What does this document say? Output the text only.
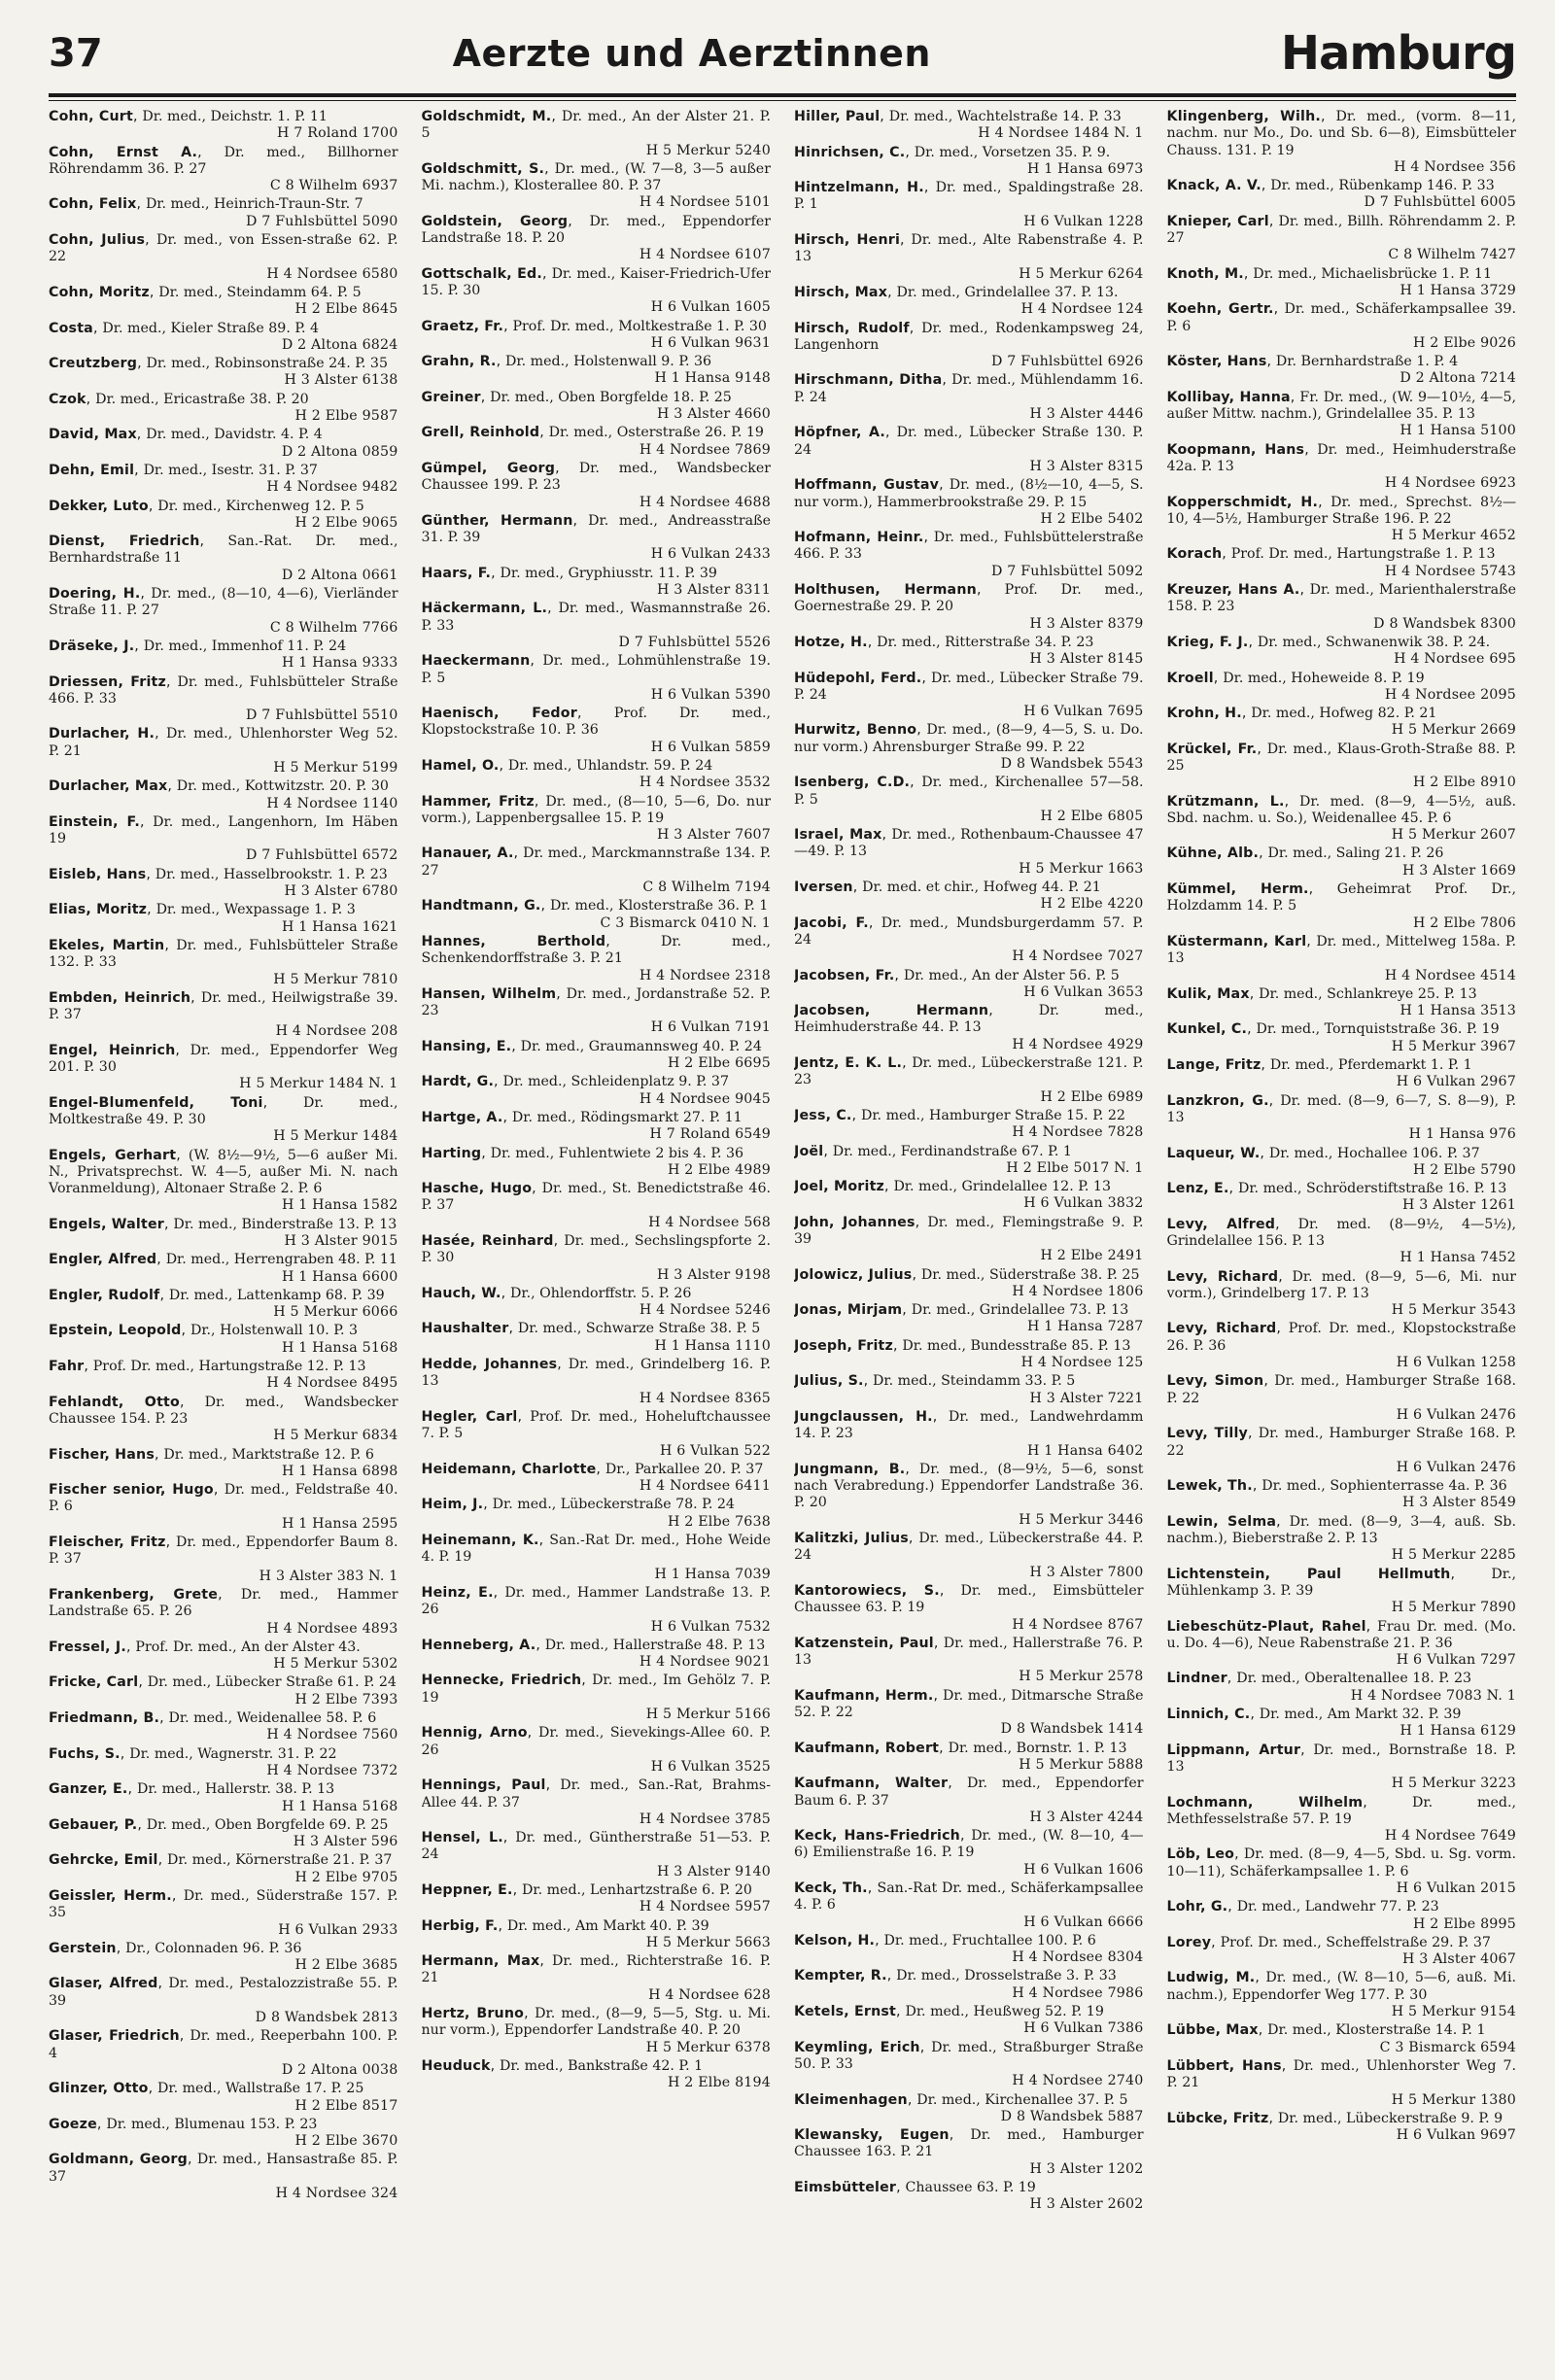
37	Aerzte und Aerztinnen	Hamburg
Cohn, Curt , Dr. med., Deichstr. 1. P. 11
H 7 Roland 1700
Cohn, Ernst A. , Dr. med., Billhorner Röhrendamm 36. P. 27
C 8 Wilhelm 6937
Cohn, Felix , Dr. med., Heinrich-Traun-Str. 7
D 7 Fuhlsbüttel 5090
Cohn, Julius , Dr. med., von Essen-straße 62. P. 22
H 4 Nordsee 6580
Cohn, Moritz , Dr. med., Steindamm 64. P. 5
H 2 Elbe 8645
Costa , Dr. med., Kieler Straße 89. P. 4
D 2 Altona 6824
Creutzberg , Dr. med., Robinsonstraße 24. P. 35
H 3 Alster 6138
Czok , Dr. med., Ericastraße 38. P. 20
H 2 Elbe 9587
David, Max , Dr. med., Davidstr. 4. P. 4
D 2 Altona 0859
Dehn, Emil , Dr. med., Isestr. 31. P. 37
H 4 Nordsee 9482
Dekker, Luto , Dr. med., Kirchenweg 12. P. 5
H 2 Elbe 9065
Dienst, Friedrich , San.-Rat. Dr. med., Bernhardstraße 11
D 2 Altona 0661
Doering, H. , Dr. med., (8—10, 4—6), Vierländer Straße 11. P. 27
C 8 Wilhelm 7766
Dräseke, J. , Dr. med., Immenhof 11. P. 24
H 1 Hansa 9333
Driessen, Fritz , Dr. med., Fuhlsbütteler Straße 466. P. 33
D 7 Fuhlsbüttel 5510
Durlacher, H. , Dr. med., Uhlenhorster Weg 52. P. 21
H 5 Merkur 5199
Durlacher, Max , Dr. med., Kottwitzstr. 20. P. 30
H 4 Nordsee 1140
Einstein, F. , Dr. med., Langenhorn, Im Häben 19
D 7 Fuhlsbüttel 6572
Eisleb, Hans , Dr. med., Hasselbrookstr. 1. P. 23
H 3 Alster 6780
Elias, Moritz , Dr. med., Wexpassage 1. P. 3
H 1 Hansa 1621
Ekeles, Martin , Dr. med., Fuhlsbütteler Straße 132. P. 33
H 5 Merkur 7810
Embden, Heinrich , Dr. med., Heilwigstraße 39. P. 37
H 4 Nordsee 208
Engel, Heinrich , Dr. med., Eppendorfer Weg 201. P. 30
H 5 Merkur 1484 N. 1
Engel-Blumenfeld, Toni ,	Dr. med., Moltkestraße 49. P. 30
H 5 Merkur 1484
Engels, Gerhart , (W. 8½—9½, 5—6 außer Mi. N., Privatsprechst. W. 4—5, außer Mi. N. nach Voranmeldung), Altonaer Straße 2. P. 6
H 1 Hansa 1582
Engels, Walter , Dr. med., Binderstraße 13. P. 13
H 3 Alster 9015
Engler, Alfred , Dr. med., Herrengraben 48. P. 11
H 1 Hansa 6600
Engler, Rudolf , Dr. med., Lattenkamp 68. P. 39
H 5 Merkur 6066
Epstein, Leopold , Dr., Holstenwall 10. P. 3
H 1 Hansa 5168
Fahr , Prof. Dr. med., Hartungstraße 12. P. 13
H 4 Nordsee 8495
Fehlandt, Otto , Dr. med., Wandsbecker Chaussee 154. P. 23
H 5 Merkur 6834
Fischer, Hans , Dr. med., Marktstraße 12. P. 6
H 1 Hansa 6898
Fischer senior, Hugo , Dr. med., Feldstraße 40. P. 6
H 1 Hansa 2595
Fleischer, Fritz , Dr. med., Eppendorfer Baum 8. P. 37
H 3 Alster 383 N. 1
Frankenberg, Grete , Dr. med., Hammer Landstraße 65. P. 26
H 4 Nordsee 4893
Fressel, J. , Prof. Dr. med., An der Alster 43.
H 5 Merkur 5302
Fricke, Carl , Dr. med., Lübecker Straße 61. P. 24
H 2 Elbe 7393
Friedmann, B. , Dr. med., Weidenallee 58. P. 6
H 4 Nordsee 7560
Fuchs, S. , Dr. med., Wagnerstr. 31. P. 22
H 4 Nordsee 7372
Ganzer, E. , Dr. med., Hallerstr. 38. P. 13
H 1 Hansa 5168
Gebauer, P. , Dr. med., Oben Borgfelde 69. P. 25
H 3 Alster 596
Gehrcke, Emil , Dr. med., Körnerstraße 21. P. 37
H 2 Elbe 9705
Geissler, Herm. , Dr. med., Süderstraße 157. P. 35
H 6 Vulkan 2933
Gerstein , Dr., Colonnaden 96. P. 36
H 2 Elbe 3685
Glaser, Alfred , Dr. med., Pestalozzistraße 55. P. 39
D 8 Wandsbek 2813
Glaser, Friedrich , Dr. med., Reeperbahn 100. P. 4
D 2 Altona 0038
Glinzer, Otto , Dr. med., Wallstraße 17. P. 25
H 2 Elbe 8517
Goeze , Dr. med., Blumenau 153. P. 23
H 2 Elbe 3670
Goldmann, Georg , Dr. med., Hansastraße 85. P. 37
H 4 Nordsee 324
Goldschmidt, M. , Dr. med., An der Alster 21. P. 5
H 5 Merkur 5240
Goldschmitt, S. , Dr. med., (W. 7—8, 3—5 außer Mi. nachm.), Klosterallee 80. P. 37
H 4 Nordsee 5101
Goldstein, Georg , Dr. med., Eppendorfer Landstraße 18. P. 20
H 4 Nordsee 6107
Gottschalk, Ed. , Dr. med., Kaiser-Friedrich-Ufer 15. P. 30
H 6 Vulkan 1605
Graetz, Fr. , Prof. Dr. med., Moltkestraße 1. P. 30
H 6 Vulkan 9631
Grahn, R. , Dr. med., Holstenwall 9. P. 36
H 1 Hansa 9148
Greiner , Dr. med., Oben Borgfelde 18. P. 25
H 3 Alster 4660
Grell, Reinhold , Dr. med., Osterstraße 26. P. 19
H 4 Nordsee 7869
Gümpel, Georg , Dr. med., Wandsbecker Chaussee 199. P. 23
H 4 Nordsee 4688
Günther, Hermann , Dr. med., Andreasstraße 31. P. 39
H 6 Vulkan 2433
Haars, F. , Dr. med., Gryphiusstr. 11. P. 39
H 3 Alster 8311
Häckermann, L. , Dr. med., Wasmannstraße 26. P. 33
D 7 Fuhlsbüttel 5526
Haeckermann , Dr. med., Lohmühlenstraße 19. P. 5
H 6 Vulkan 5390
Haenisch, Fedor ,	Prof. Dr. med., Klopstockstraße 10. P. 36
H 6 Vulkan 5859
Hamel, O. , Dr. med., Uhlandstr. 59. P. 24
H 4 Nordsee 3532
Hammer, Fritz , Dr. med., (8—10, 5—6, Do. nur vorm.), Lappenbergsallee 15. P. 19
H 3 Alster 7607
Hanauer, A. , Dr. med., Marckmannstraße 134. P. 27
C 8 Wilhelm 7194
Handtmann, G. , Dr. med., Klosterstraße 36. P. 1
C 3 Bismarck 0410 N. 1
Hannes, Berthold ,	Dr. med., Schenkendorffstraße 3. P. 21
H 4 Nordsee 2318
Hansen, Wilhelm , Dr. med., Jordanstraße 52. P. 23
H 6 Vulkan 7191
Hansing, E. , Dr. med., Graumannsweg 40. P. 24
H 2 Elbe 6695
Hardt, G. , Dr. med., Schleidenplatz 9. P. 37
H 4 Nordsee 9045
Hartge, A. , Dr. med., Rödingsmarkt 27. P. 11
H 7 Roland 6549
Harting , Dr. med., Fuhlentwiete 2 bis 4. P. 36
H 2 Elbe 4989
Hasche, Hugo , Dr. med., St. Benedictstraße 46. P. 37
H 4 Nordsee 568
Hasée, Reinhard , Dr. med., Sechslingspforte 2. P. 30
H 3 Alster 9198
Hauch, W. , Dr., Ohlendorffstr. 5. P. 26
H 4 Nordsee 5246
Haushalter , Dr. med., Schwarze Straße 38. P. 5
H 1 Hansa 1110
Hedde, Johannes , Dr. med., Grindelberg 16. P. 13
H 4 Nordsee 8365
Hegler, Carl , Prof. Dr. med., Hoheluftchaussee 7. P. 5
H 6 Vulkan 522
Heidemann, Charlotte , Dr., Parkallee 20. P. 37
H 4 Nordsee 6411
Heim, J. , Dr. med., Lübeckerstraße 78. P. 24
H 2 Elbe 7638
Heinemann, K. , San.-Rat Dr. med., Hohe Weide 4. P. 19
H 1 Hansa 7039
Heinz, E. , Dr. med., Hammer Landstraße 13. P. 26
H 6 Vulkan 7532
Henneberg, A. , Dr. med., Hallerstraße 48. P. 13
H 4 Nordsee 9021
Hennecke, Friedrich , Dr. med., Im Gehölz 7. P. 19
H 5 Merkur 5166
Hennig, Arno , Dr. med., Sievekings-Allee 60. P. 26
H 6 Vulkan 3525
Hennings, Paul , Dr. med., San.-Rat, Brahms-Allee 44. P. 37
H 4 Nordsee 3785
Hensel, L. , Dr. med., Güntherstraße 51—53. P. 24
H 3 Alster 9140
Heppner, E. , Dr. med., Lenhartzstraße 6. P. 20
H 4 Nordsee 5957
Herbig, F. , Dr. med., Am Markt 40. P. 39
H 5 Merkur 5663
Hermann, Max , Dr. med., Richterstraße 16. P. 21
H 4 Nordsee 628
Hertz, Bruno , Dr. med., (8—9, 5—5, Stg. u. Mi. nur vorm.), Eppendorfer Landstraße 40. P. 20
H 5 Merkur 6378
Heuduck , Dr. med., Bankstraße 42. P. 1
H 2 Elbe 8194
Hiller, Paul , Dr. med., Wachtelstraße 14. P. 33
H 4 Nordsee 1484 N. 1
Hinrichsen, C. , Dr. med., Vorsetzen 35. P. 9.
H 1 Hansa 6973
Hintzelmann, H. , Dr. med., Spaldingstraße 28. P. 1
H 6 Vulkan 1228
Hirsch, Henri , Dr. med., Alte Rabenstraße 4. P. 13
H 5 Merkur 6264
Hirsch, Max , Dr. med., Grindelallee 37. P. 13.
H 4 Nordsee 124
Hirsch, Rudolf , Dr. med., Rodenkampsweg 24, Langenhorn
D 7 Fuhlsbüttel 6926
Hirschmann, Ditha , Dr. med., Mühlendamm 16. P. 24
H 3 Alster 4446
Höpfner, A. , Dr. med., Lübecker Straße 130. P. 24
H 3 Alster 8315
Hoffmann, Gustav , Dr. med., (8½—10, 4—5, S. nur vorm.), Hammerbrookstraße 29. P. 15
H 2 Elbe 5402
Hofmann, Heinr. , Dr. med., Fuhlsbüttelerstraße 466. P. 33
D 7 Fuhlsbüttel 5092
Holthusen, Hermann , Prof. Dr. med., Goernestraße 29. P. 20
H 3 Alster 8379
Hotze, H. , Dr. med., Ritterstraße 34. P. 23
H 3 Alster 8145
Hüdepohl, Ferd. , Dr. med., Lübecker Straße 79. P. 24
H 6 Vulkan 7695
Hurwitz, Benno , Dr. med., (8—9, 4—5, S. u. Do. nur vorm.) Ahrensburger Straße 99. P. 22
D 8 Wandsbek 5543
Isenberg, C.D. , Dr. med., Kirchenallee 57—58. P. 5
H 2 Elbe 6805
Israel, Max , Dr. med., Rothenbaum-Chaussee 47—49. P. 13
H 5 Merkur 1663
Iversen , Dr. med. et chir., Hofweg 44. P. 21
H 2 Elbe 4220
Jacobi, F. , Dr. med., Mundsburgerdamm 57. P. 24
H 4 Nordsee 7027
Jacobsen, Fr. , Dr. med., An der Alster 56. P. 5
H 6 Vulkan 3653
Jacobsen, Hermann ,	Dr. med., Heimhuderstraße 44. P. 13
H 4 Nordsee 4929
Jentz, E. K. L. , Dr. med., Lübeckerstraße 121. P. 23
H 2 Elbe 6989
Jess, C. , Dr. med., Hamburger Straße 15. P. 22
H 4 Nordsee 7828
Joël , Dr. med., Ferdinandstraße 67. P. 1
H 2 Elbe 5017 N. 1
Joel, Moritz , Dr. med., Grindelallee 12. P. 13
H 6 Vulkan 3832
John, Johannes , Dr. med., Flemingstraße 9. P. 39
H 2 Elbe 2491
Jolowicz, Julius , Dr. med., Süderstraße 38. P. 25
H 4 Nordsee 1806
Jonas, Mirjam , Dr. med., Grindelallee 73. P. 13
H 1 Hansa 7287
Joseph, Fritz , Dr. med., Bundesstraße 85. P. 13
H 4 Nordsee 125
Julius, S. , Dr. med., Steindamm 33. P. 5
H 3 Alster 7221
Jungclaussen, H. , Dr. med., Landwehrdamm 14. P. 23
H 1 Hansa 6402
Jungmann, B. , Dr. med., (8—9½, 5—6, sonst nach Verabredung.) Eppendorfer Landstraße 36. P. 20
H 5 Merkur 3446
Kalitzki, Julius , Dr. med., Lübeckerstraße 44. P. 24
H 3 Alster 7800
Kantorowiecs, S. , Dr. med., Eimsbütteler Chaussee 63. P. 19
H 4 Nordsee 8767
Katzenstein, Paul , Dr. med., Hallerstraße 76. P. 13
H 5 Merkur 2578
Kaufmann, Herm. , Dr. med., Ditmarsche Straße 52. P. 22
D 8 Wandsbek 1414
Kaufmann, Robert , Dr. med., Bornstr. 1. P. 13
H 5 Merkur 5888
Kaufmann, Walter , Dr. med., Eppendorfer Baum 6. P. 37
H 3 Alster 4244
Keck, Hans-Friedrich , Dr. med., (W. 8—10, 4—6) Emilienstraße 16. P. 19
H 6 Vulkan 1606
Keck, Th. , San.-Rat Dr. med., Schäferkampsallee 4. P. 6
H 6 Vulkan 6666
Kelson, H. , Dr. med., Fruchtallee 100. P. 6
H 4 Nordsee 8304
Kempter, R. , Dr. med., Drosselstraße 3. P. 33
H 4 Nordsee 7986
Ketels, Ernst , Dr. med., Heußweg 52. P. 19
H 6 Vulkan 7386
Keymling, Erich , Dr. med., Straßburger Straße 50. P. 33
H 4 Nordsee 2740
Kleimenhagen , Dr. med., Kirchenallee 37. P. 5
D 8 Wandsbek 5887
Klewansky, Eugen , Dr. med., Hamburger Chaussee 163. P. 21
H 3 Alster 1202
Eimsbütteler , Chaussee 63. P. 19
H 3 Alster 2602
Klingenberg, Wilh. , Dr. med., (vorm. 8—11, nachm. nur Mo., Do. und Sb. 6—8), Eimsbütteler Chauss. 131. P. 19
H 4 Nordsee 356
Knack, A. V. , Dr. med., Rübenkamp 146. P. 33
D 7 Fuhlsbüttel 6005
Knieper, Carl , Dr. med., Billh. Röhrendamm 2. P. 27
C 8 Wilhelm 7427
Knoth, M. , Dr. med., Michaelisbrücke 1. P. 11
H 1 Hansa 3729
Koehn, Gertr. , Dr. med., Schäferkampsallee 39. P. 6
H 2 Elbe 9026
Köster, Hans , Dr. Bernhardstraße 1. P. 4
D 2 Altona 7214
Kollibay, Hanna , Fr. Dr. med., (W. 9—10½, 4—5, außer Mittw. nachm.), Grindelallee 35. P. 13
H 1 Hansa 5100
Koopmann, Hans , Dr. med., Heimhuderstraße 42a. P. 13
H 4 Nordsee 6923
Kopperschmidt, H. , Dr. med., Sprechst. 8½—10, 4—5½, Hamburger Straße 196. P. 22
H 5 Merkur 4652
Korach , Prof. Dr. med., Hartungstraße 1. P. 13
H 4 Nordsee 5743
Kreuzer, Hans A. , Dr. med., Marienthalerstraße 158. P. 23
D 8 Wandsbek 8300
Krieg, F. J. , Dr. med., Schwanenwik 38. P. 24.
H 4 Nordsee 695
Kroell , Dr. med., Hoheweide 8. P. 19
H 4 Nordsee 2095
Krohn, H. , Dr. med., Hofweg 82. P. 21
H 5 Merkur 2669
Krückel, Fr. , Dr. med., Klaus-Groth-Straße 88. P. 25
H 2 Elbe 8910
Krützmann, L. , Dr. med. (8—9, 4—5½, auß. Sbd. nachm. u. So.), Weidenallee 45. P. 6
H 5 Merkur 2607
Kühne, Alb. , Dr. med., Saling 21. P. 26
H 3 Alster 1669
Kümmel, Herm. , Geheimrat Prof. Dr., Holzdamm 14. P. 5
H 2 Elbe 7806
Küstermann, Karl , Dr. med., Mittelweg 158a. P. 13
H 4 Nordsee 4514
Kulik, Max , Dr. med., Schlankreye 25. P. 13
H 1 Hansa 3513
Kunkel, C. , Dr. med., Tornquiststraße 36. P. 19
H 5 Merkur 3967
Lange, Fritz , Dr. med., Pferdemarkt 1. P. 1
H 6 Vulkan 2967
Lanzkron, G. , Dr. med. (8—9, 6—7, S. 8—9), P. 13
H 1 Hansa 976
Laqueur, W. , Dr. med., Hochallee 106. P. 37
H 2 Elbe 5790
Lenz, E. , Dr. med., Schröderstiftstraße 16. P. 13
H 3 Alster 1261
Levy, Alfred , Dr. med. (8—9½, 4—5½), Grindelallee 156. P. 13
H 1 Hansa 7452
Levy, Richard , Dr. med. (8—9, 5—6, Mi. nur vorm.), Grindelberg 17. P. 13
H 5 Merkur 3543
Levy, Richard , Prof. Dr. med., Klopstockstraße 26. P. 36
H 6 Vulkan 1258
Levy, Simon , Dr. med., Hamburger Straße 168. P. 22
H 6 Vulkan 2476
Levy, Tilly , Dr. med., Hamburger Straße 168. P. 22
H 6 Vulkan 2476
Lewek, Th. , Dr. med., Sophienterrasse 4a. P. 36
H 3 Alster 8549
Lewin, Selma , Dr. med. (8—9, 3—4, auß. Sb. nachm.), Bieberstraße 2. P. 13
H 5 Merkur 2285
Lichtenstein, Paul Hellmuth ,	Dr., Mühlenkamp 3. P. 39
H 5 Merkur 7890
Liebeschütz-Plaut, Rahel , Frau Dr. med. (Mo. u. Do. 4—6), Neue Rabenstraße 21. P. 36
H 6 Vulkan 7297
Lindner , Dr. med., Oberaltenallee 18. P. 23
H 4 Nordsee 7083 N. 1
Linnich, C. , Dr. med., Am Markt 32. P. 39
H 1 Hansa 6129
Lippmann, Artur , Dr. med., Bornstraße 18. P. 13
H 5 Merkur 3223
Lochmann, Wilhelm ,	Dr. med., Methfesselstraße 57. P. 19
H 4 Nordsee 7649
Löb, Leo , Dr. med. (8—9, 4—5, Sbd. u. Sg. vorm. 10—11), Schäferkampsallee 1. P. 6
H 6 Vulkan 2015
Lohr, G. , Dr. med., Landwehr 77. P. 23
H 2 Elbe 8995
Lorey , Prof. Dr. med., Scheffelstraße 29. P. 37
H 3 Alster 4067
Ludwig, M. , Dr. med., (W. 8—10, 5—6, auß. Mi. nachm.), Eppendorfer Weg 177. P. 30
H 5 Merkur 9154
Lübbe, Max , Dr. med., Klosterstraße 14. P. 1
C 3 Bismarck 6594
Lübbert, Hans , Dr. med., Uhlenhorster Weg 7. P. 21
H 5 Merkur 1380
Lübcke, Fritz , Dr. med., Lübeckerstraße 9. P. 9
H 6 Vulkan 9697
